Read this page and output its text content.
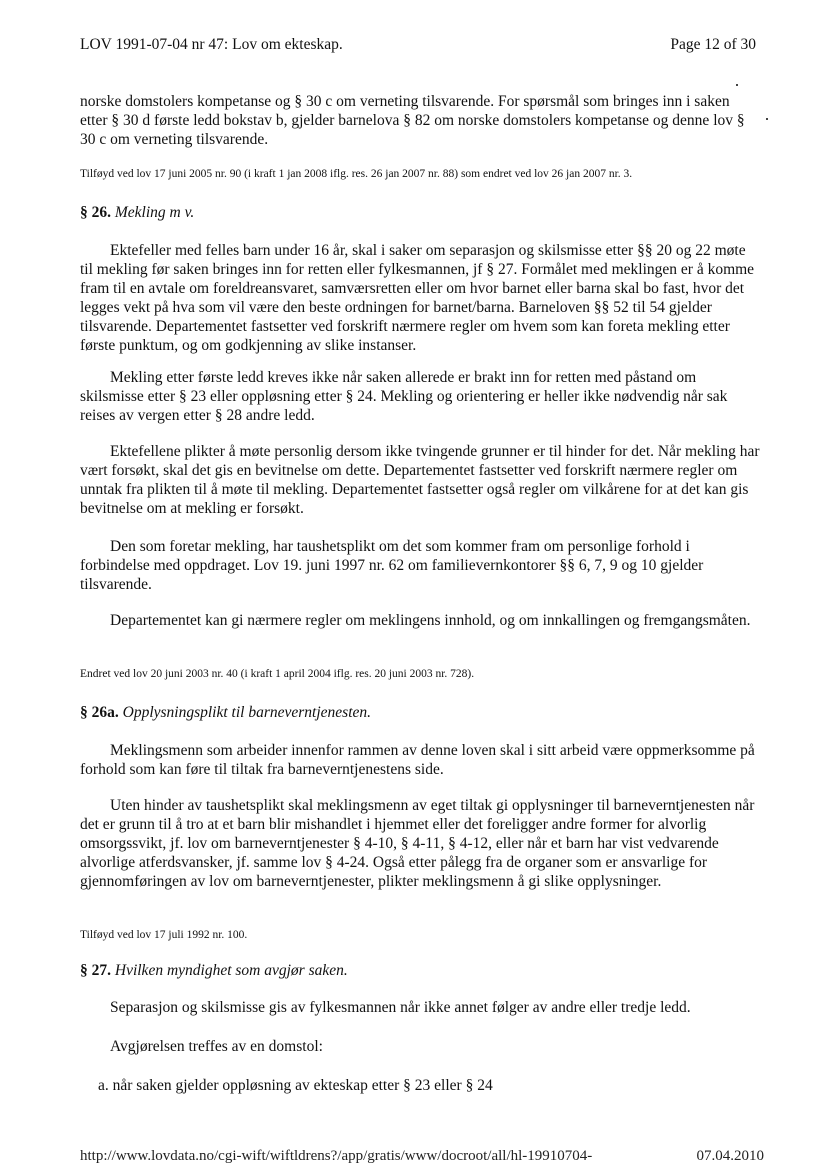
LOV 1991-07-04 nr 47: Lov om ekteskap.	Page 12 of 30
norske domstolers kompetanse og § 30 c om verneting tilsvarende. For spørsmål som bringes inn i saken etter § 30 d første ledd bokstav b, gjelder barnelova § 82 om norske domstolers kompetanse og denne lov § 30 c om verneting tilsvarende.
Tilføyd ved lov 17 juni 2005 nr. 90 (i kraft 1 jan 2008 iflg. res. 26 jan 2007 nr. 88) som endret ved lov 26 jan 2007 nr. 3.
§ 26. Mekling m v.
Ektefeller med felles barn under 16 år, skal i saker om separasjon og skilsmisse etter §§ 20 og 22 møte til mekling før saken bringes inn for retten eller fylkesmannen, jf § 27. Formålet med meklingen er å komme fram til en avtale om foreldreansvaret, samværsretten eller om hvor barnet eller barna skal bo fast, hvor det legges vekt på hva som vil være den beste ordningen for barnet/barna. Barneloven §§ 52 til 54 gjelder tilsvarende. Departementet fastsetter ved forskrift nærmere regler om hvem som kan foreta mekling etter første punktum, og om godkjenning av slike instanser.
Mekling etter første ledd kreves ikke når saken allerede er brakt inn for retten med påstand om skilsmisse etter § 23 eller oppløsning etter § 24. Mekling og orientering er heller ikke nødvendig når sak reises av vergen etter § 28 andre ledd.
Ektefellene plikter å møte personlig dersom ikke tvingende grunner er til hinder for det. Når mekling har vært forsøkt, skal det gis en bevitnelse om dette. Departementet fastsetter ved forskrift nærmere regler om unntak fra plikten til å møte til mekling. Departementet fastsetter også regler om vilkårene for at det kan gis bevitnelse om at mekling er forsøkt.
Den som foretar mekling, har taushetsplikt om det som kommer fram om personlige forhold i forbindelse med oppdraget. Lov 19. juni 1997 nr. 62 om familievernkontorer §§ 6, 7, 9 og 10 gjelder tilsvarende.
Departementet kan gi nærmere regler om meklingens innhold, og om innkallingen og fremgangsmåten.
Endret ved lov 20 juni 2003 nr. 40 (i kraft 1 april 2004 iflg. res. 20 juni 2003 nr. 728).
§ 26a. Opplysningsplikt til barneverntjenesten.
Meklingsmenn som arbeider innenfor rammen av denne loven skal i sitt arbeid være oppmerksomme på forhold som kan føre til tiltak fra barneverntjenestens side.
Uten hinder av taushetsplikt skal meklingsmenn av eget tiltak gi opplysninger til barneverntjenesten når det er grunn til å tro at et barn blir mishandlet i hjemmet eller det foreligger andre former for alvorlig omsorgssvikt, jf. lov om barneverntjenester § 4-10, § 4-11, § 4-12, eller når et barn har vist vedvarende alvorlige atferdsvansker, jf. samme lov § 4-24. Også etter pålegg fra de organer som er ansvarlige for gjennomføringen av lov om barneverntjenester, plikter meklingsmenn å gi slike opplysninger.
Tilføyd ved lov 17 juli 1992 nr. 100.
§ 27. Hvilken myndighet som avgjør saken.
Separasjon og skilsmisse gis av fylkesmannen når ikke annet følger av andre eller tredje ledd.
Avgjørelsen treffes av en domstol:
a. når saken gjelder oppløsning av ekteskap etter § 23 eller § 24
http://www.lovdata.no/cgi-wift/wiftldrens?/app/gratis/www/docroot/all/hl-19910704-	07.04.2010
